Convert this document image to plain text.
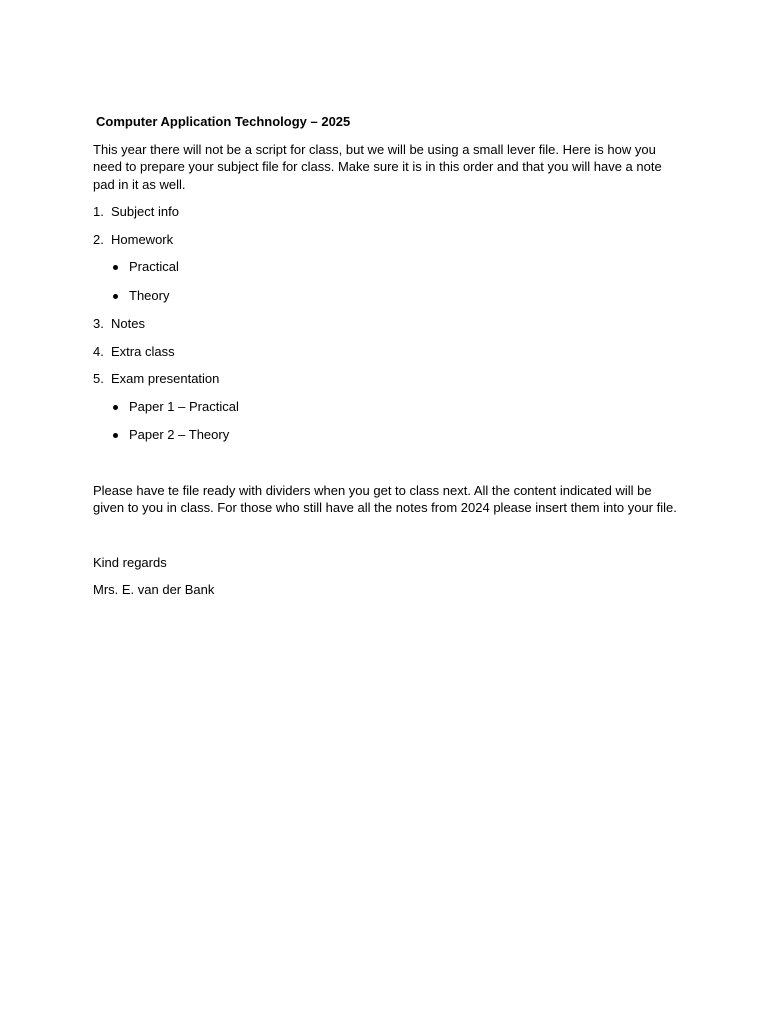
Computer Application Technology – 2025

This year there will not be a script for class, but we will be using a small lever file. Here is how you need to prepare your subject file for class. Make sure it is in this order and that you will have a note pad in it as well.

1. Subject info
2. Homework
Practical
Theory
3. Notes
4. Extra class
5. Exam presentation
Paper 1 – Practical
Paper 2 – Theory

Please have te file ready with dividers when you get to class next. All the content indicated will be given to you in class. For those who still have all the notes from 2024 please insert them into your file.

Kind regards

Mrs. E. van der Bank
